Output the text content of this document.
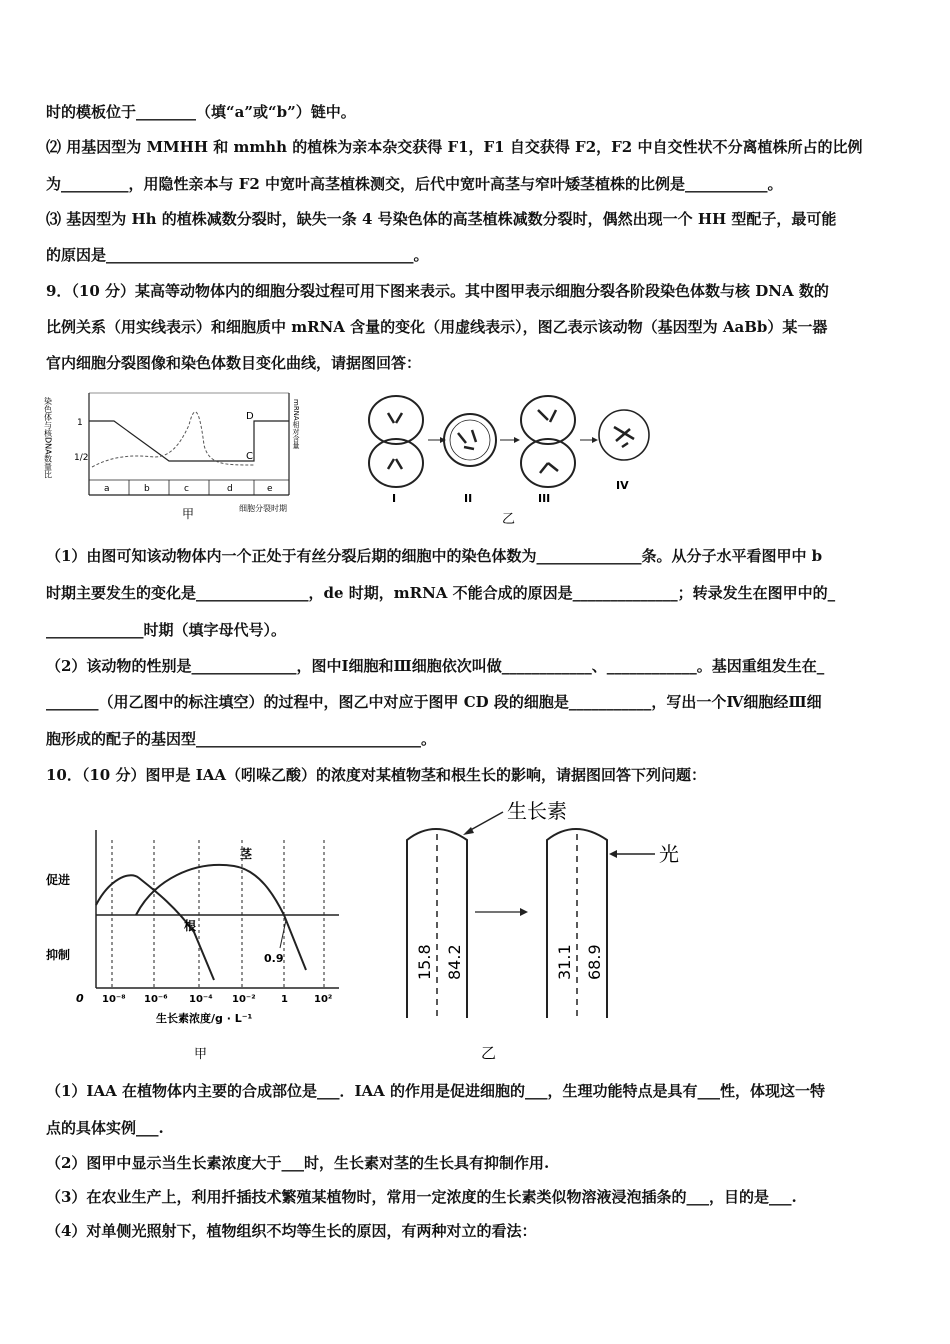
时的模板位于________（填“a”或“b”）链中。
⑵ 用基因型为 MMHH 和 mmhh 的植株为亲本杂交获得 F1，F1 自交获得 F2，F2 中自交性状不分离植株所占的比例
为_________，用隐性亲本与 F2 中宽叶高茎植株测交，后代中宽叶高茎与窄叶矮茎植株的比例是___________。
⑶ 基因型为 Hh 的植株减数分裂时，缺失一条 4 号染色体的高茎植株减数分裂时，偶然出现一个 HH 型配子，最可能
的原因是_________________________________________。
9．（10 分）某高等动物体内的细胞分裂过程可用下图来表示。其中图甲表示细胞分裂各阶段染色体数与核 DNA 数的
比例关系（用实线表示）和细胞质中 mRNA 含量的变化（用虚线表示），图乙表示该动物（基因型为 AaBb）某一器
官内细胞分裂图像和染色体数目变化曲线，请据图回答：
染色体与核DNA数量比	1
1/2
mRNA相对含量
D
C
a	b	c	d	e
细胞分裂时期
甲
I	II	III
IV
乙
（1）由图可知该动物体内一个正处于有丝分裂后期的细胞中的染色体数为______________条。从分子水平看图甲中 b
时期主要发生的变化是_______________，de 时期，mRNA 不能合成的原因是______________；转录发生在图甲中的_
_____________时期（填字母代号）。
（2）该动物的性别是______________，图中Ⅰ细胞和Ⅲ细胞依次叫做____________、____________。基因重组发生在_
_______（用乙图中的标注填空）的过程中，图乙中对应于图甲 CD 段的细胞是___________，写出一个Ⅳ细胞经Ⅲ细
胞形成的配子的基因型______________________________。
10．（10 分）图甲是 IAA（吲哚乙酸）的浓度对某植物茎和根生长的影响，请据图回答下列问题：
促进
抑制
茎
根
0.9
0 10⁻⁸ 10⁻⁶ 10⁻⁴ 10⁻²	1	10²
生长素浓度/g · L⁻¹
甲
生长素
15.8 84.2	31.1 68.9
光
乙
（1）IAA 在植物体内主要的合成部位是___．IAA 的作用是促进细胞的___，生理功能特点是具有___性，体现这一特
点的具体实例___.
（2）图甲中显示当生长素浓度大于___时，生长素对茎的生长具有抑制作用.
（3）在农业生产上，利用扦插技术繁殖某植物时，常用一定浓度的生长素类似物溶液浸泡插条的___，目的是___.
（4）对单侧光照射下，植物组织不均等生长的原因，有两种对立的看法：
